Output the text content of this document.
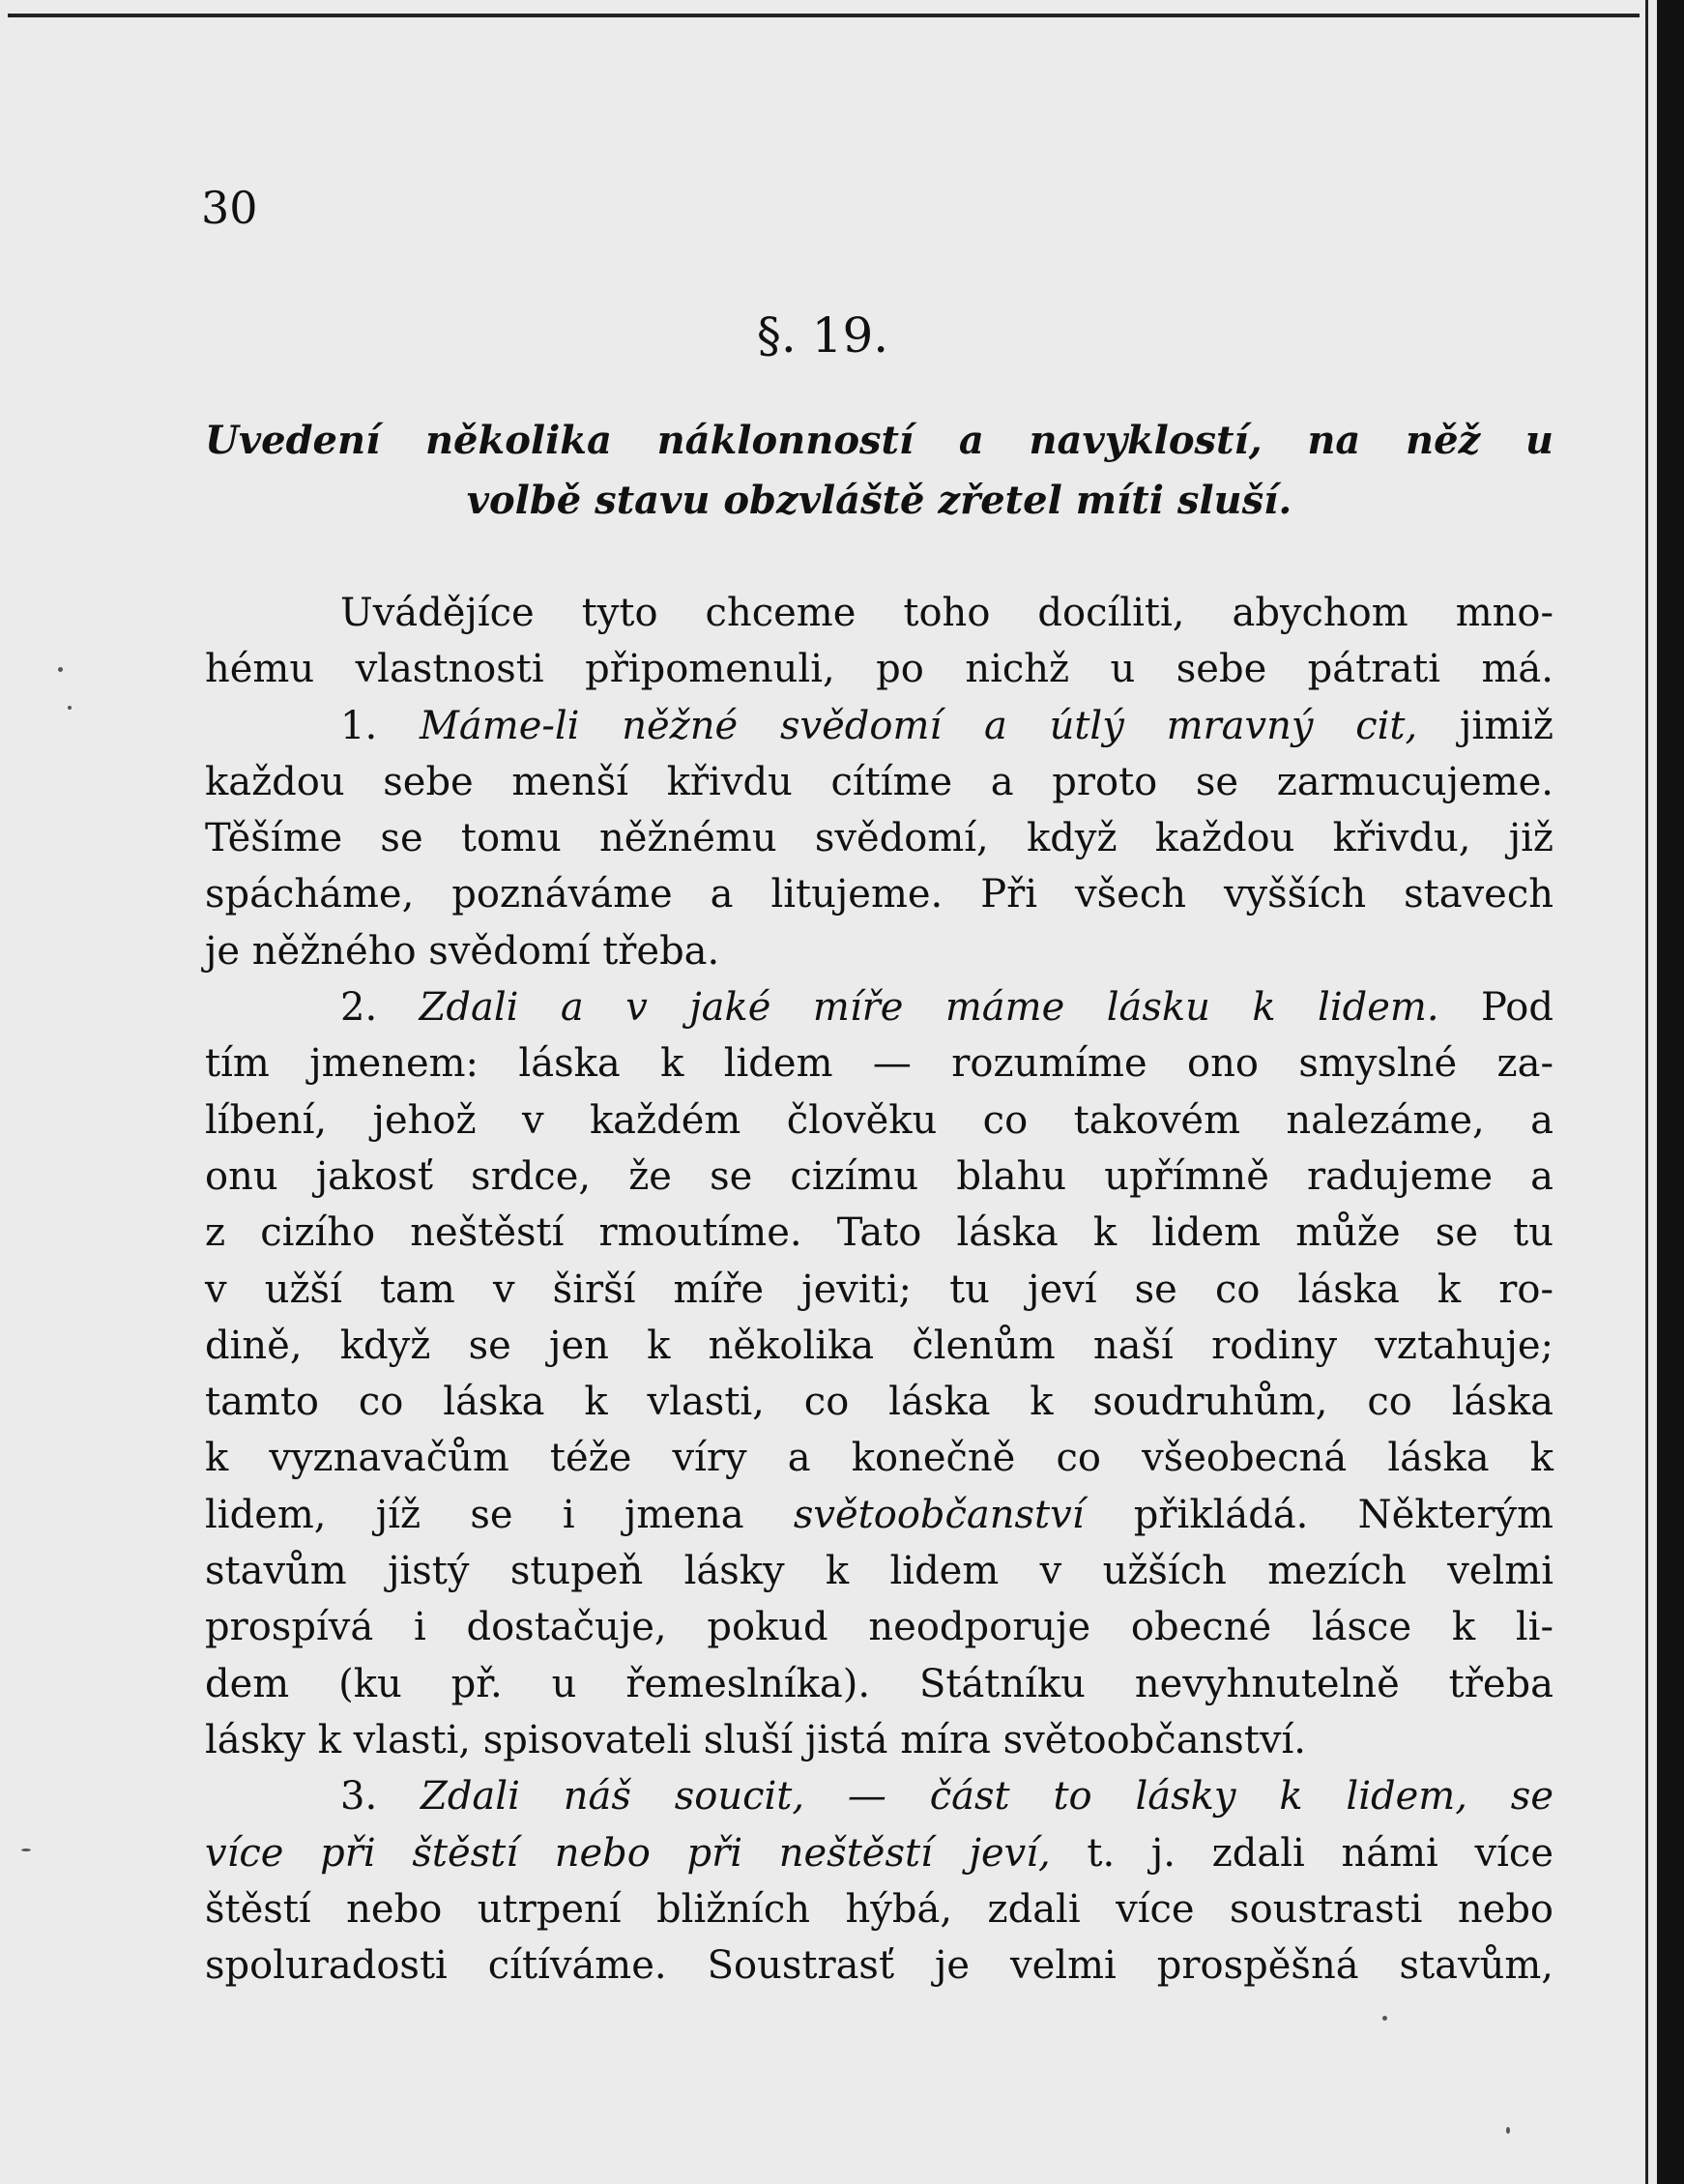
30
§. 19.
Uvedení několika náklonností a navyklostí, na něž u
volbě stavu obzvláště zřetel míti sluší.
Uvádějíce tyto chceme toho docíliti, abychom mno-
hému vlastnosti připomenuli, po nichž u sebe pátrati má.
1. Máme-li něžné svědomí a útlý mravný cit, jimiž
každou sebe menší křivdu cítíme a proto se zarmucujeme.
Těšíme se tomu něžnému svědomí, když každou křivdu, již
spácháme, poznáváme a litujeme. Při všech vyšších stavech
je něžného svědomí třeba.
2. Zdali a v jaké míře máme lásku k lidem. Pod
tím jmenem: láska k lidem — rozumíme ono smyslné za-
líbení, jehož v každém člověku co takovém nalezáme, a
onu jakosť srdce, že se cizímu blahu upřímně radujeme a
z cizího neštěstí rmoutíme. Tato láska k lidem může se tu
v užší tam v širší míře jeviti; tu jeví se co láska k ro-
dině, když se jen k několika členům naší rodiny vztahuje;
tamto co láska k vlasti, co láska k soudruhům, co láska
k vyznavačům téže víry a konečně co všeobecná láska k
lidem, jíž se i jmena světoobčanství přikládá. Některým
stavům jistý stupeň lásky k lidem v užších mezích velmi
prospívá i dostačuje, pokud neodporuje obecné lásce k li-
dem (ku př. u řemeslníka). Státníku nevyhnutelně třeba
lásky k vlasti, spisovateli sluší jistá míra světoobčanství.
3. Zdali náš soucit, — část to lásky k lidem, se
více při štěstí nebo při neštěstí jeví, t. j. zdali námi více
štěstí nebo utrpení bližních hýbá, zdali více soustrasti nebo
spoluradosti cítíváme. Soustrasť je velmi prospěšná stavům,
